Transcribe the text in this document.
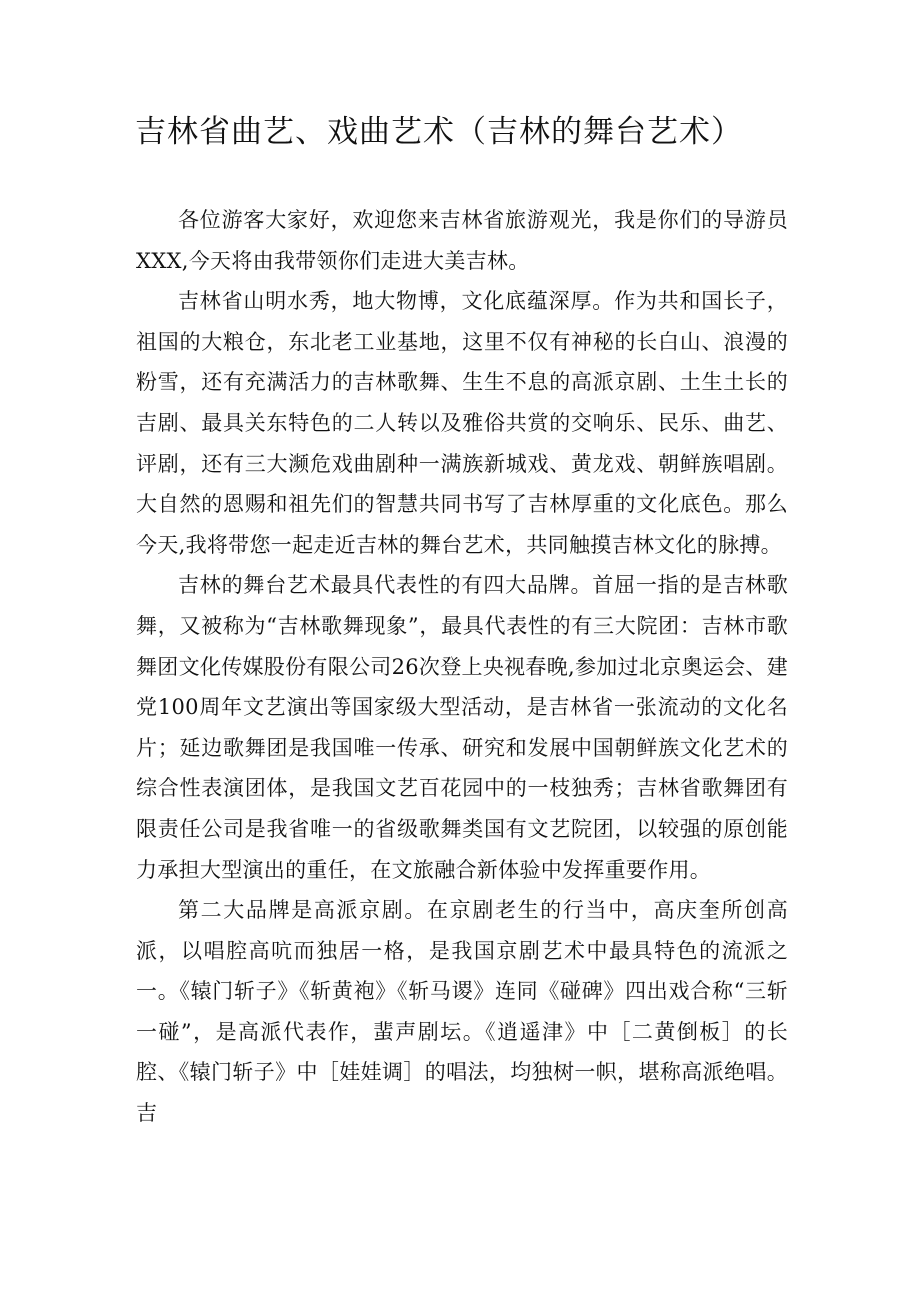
吉林省曲艺、戏曲艺术（吉林的舞台艺术）

各位游客大家好，欢迎您来吉林省旅游观光，我是你们的导游员XXX,今天将由我带领你们走进大美吉林。

吉林省山明水秀，地大物博，文化底蕴深厚。作为共和国长子，祖国的大粮仓，东北老工业基地，这里不仅有神秘的长白山、浪漫的粉雪，还有充满活力的吉林歌舞、生生不息的高派京剧、土生土长的吉剧、最具关东特色的二人转以及雅俗共赏的交响乐、民乐、曲艺、评剧，还有三大濒危戏曲剧种一满族新城戏、黄龙戏、朝鲜族唱剧。大自然的恩赐和祖先们的智慧共同书写了吉林厚重的文化底色。那么今天,我将带您一起走近吉林的舞台艺术，共同触摸吉林文化的脉搏。

吉林的舞台艺术最具代表性的有四大品牌。首屈一指的是吉林歌舞，又被称为“吉林歌舞现象”，最具代表性的有三大院团：吉林市歌舞团文化传媒股份有限公司26次登上央视春晚,参加过北京奥运会、建党100周年文艺演出等国家级大型活动，是吉林省一张流动的文化名片；延边歌舞团是我国唯一传承、研究和发展中国朝鲜族文化艺术的综合性表演团体，是我国文艺百花园中的一枝独秀；吉林省歌舞团有限责任公司是我省唯一的省级歌舞类国有文艺院团，以较强的原创能力承担大型演出的重任，在文旅融合新体验中发挥重要作用。

第二大品牌是高派京剧。在京剧老生的行当中，高庆奎所创高派，以唱腔高吭而独居一格，是我国京剧艺术中最具特色的流派之一。《辕门斩子》《斩黄袍》《斩马谡》连同《碰碑》四出戏合称“三斩一碰”，是高派代表作，蜚声剧坛。《逍遥津》中［二黄倒板］的长腔、《辕门斩子》中［娃娃调］的唱法，均独树一帜，堪称高派绝唱。吉
